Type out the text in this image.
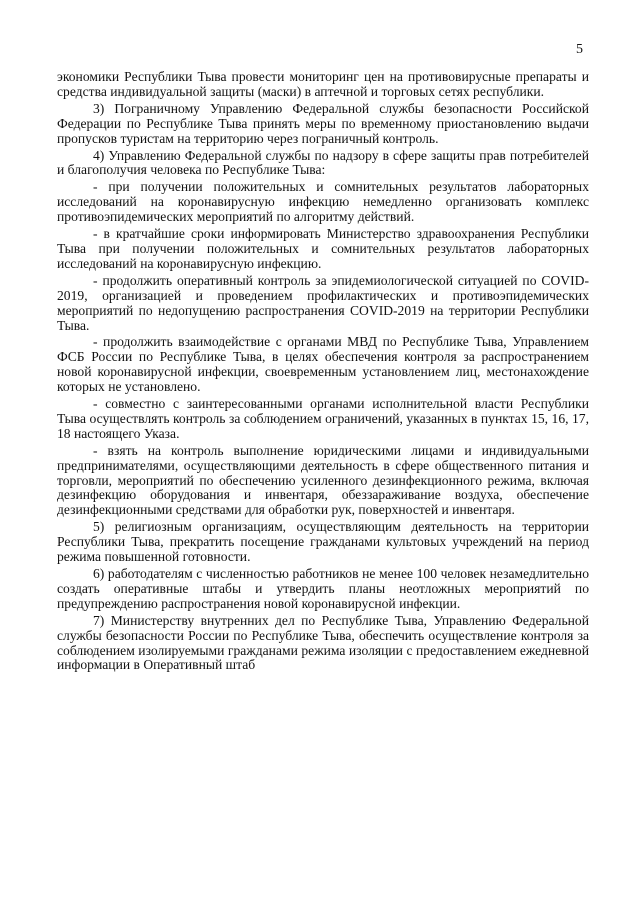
5

экономики Республики Тыва провести мониторинг цен на противовирусные препараты и средства индивидуальной защиты (маски) в аптечной и торговых сетях республики.

3) Пограничному Управлению Федеральной службы безопасности Российской Федерации по Республике Тыва принять меры по временному приостановлению выдачи пропусков туристам на территорию через пограничный контроль.

4) Управлению Федеральной службы по надзору в сфере защиты прав потребителей и благополучия человека по Республике Тыва:

- при получении положительных и сомнительных результатов лабораторных исследований на коронавирусную инфекцию немедленно организовать комплекс противоэпидемических мероприятий по алгоритму действий.

- в кратчайшие сроки информировать Министерство здравоохранения Республики Тыва при получении положительных и сомнительных результатов лабораторных исследований на коронавирусную инфекцию.

- продолжить оперативный контроль за эпидемиологической ситуацией по COVID-2019, организацией и проведением профилактических и противоэпидемических мероприятий по недопущению распространения COVID-2019 на территории Республики Тыва.

- продолжить взаимодействие с органами МВД по Республике Тыва, Управлением ФСБ России по Республике Тыва, в целях обеспечения контроля за распространением новой коронавирусной инфекции, своевременным установлением лиц, местонахождение которых не установлено.

- совместно с заинтересованными органами исполнительной власти Республики Тыва осуществлять контроль за соблюдением ограничений, указанных в пунктах 15, 16, 17, 18 настоящего Указа.

- взять на контроль выполнение юридическими лицами и индивидуальными предпринимателями, осуществляющими деятельность в сфере общественного питания и торговли, мероприятий по обеспечению усиленного дезинфекционного режима, включая дезинфекцию оборудования и инвентаря, обеззараживание воздуха, обеспечение дезинфекционными средствами для обработки рук, поверхностей и инвентаря.

5) религиозным организациям, осуществляющим деятельность на территории Республики Тыва, прекратить посещение гражданами культовых учреждений на период режима повышенной готовности.

6) работодателям с численностью работников не менее 100 человек незамедлительно создать оперативные штабы и утвердить планы неотложных мероприятий по предупреждению распространения новой коронавирусной инфекции.

7) Министерству внутренних дел по Республике Тыва, Управлению Федеральной службы безопасности России по Республике Тыва, обеспечить осуществление контроля за соблюдением изолируемыми гражданами режима изоляции с предоставлением ежедневной информации в Оперативный штаб
